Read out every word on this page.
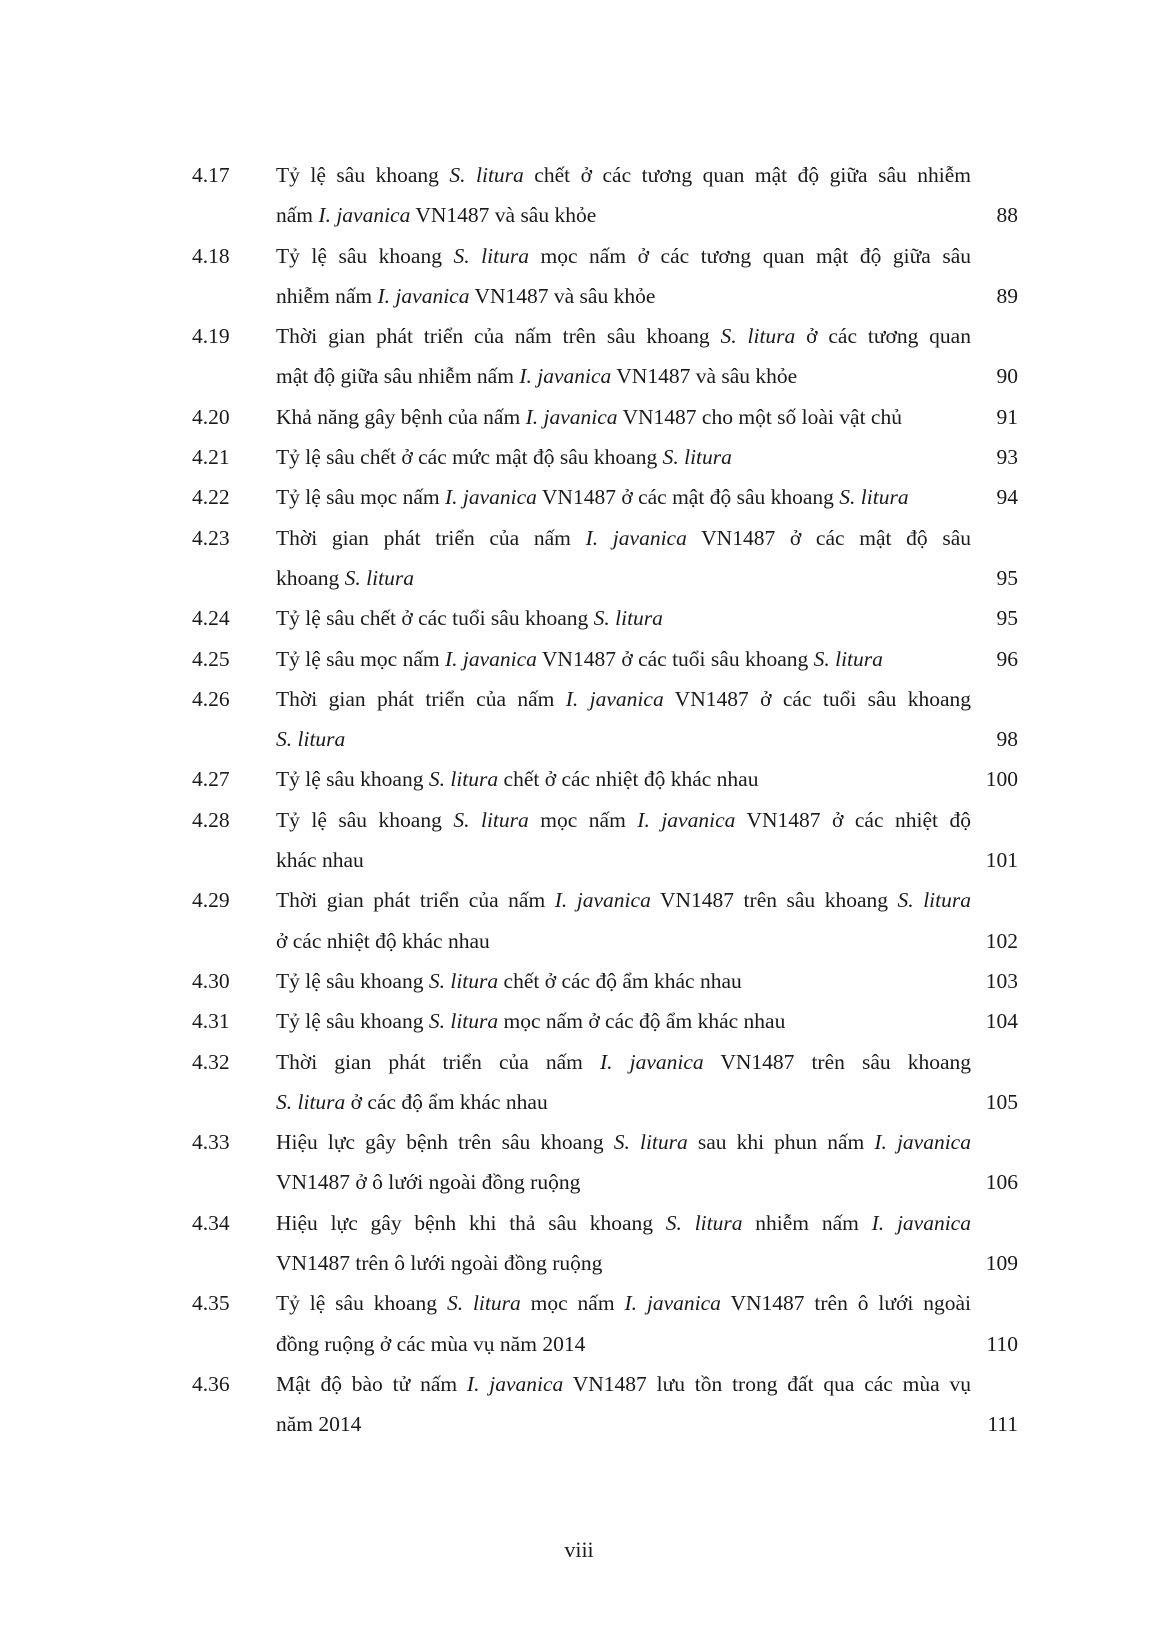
4.17 Tỷ lệ sâu khoang S. litura chết ở các tương quan mật độ giữa sâu nhiễm
nấm I. javanica VN1487 và sâu khỏe	88
4.18 Tỷ lệ sâu khoang S. litura mọc nấm ở các tương quan mật độ giữa sâu
nhiễm nấm I. javanica VN1487 và sâu khỏe	89
4.19 Thời gian phát triển của nấm trên sâu khoang S. litura ở các tương quan
mật độ giữa sâu nhiễm nấm I. javanica VN1487 và sâu khỏe	90
4.20 Khả năng gây bệnh của nấm I. javanica VN1487 cho một số loài vật chủ	91
4.21 Tỷ lệ sâu chết ở các mức mật độ sâu khoang S. litura	93
4.22 Tỷ lệ sâu mọc nấm I. javanica VN1487 ở các mật độ sâu khoang S. litura	94
4.23 Thời gian phát triển của nấm I. javanica VN1487 ở các mật độ sâu
khoang S. litura	95
4.24 Tỷ lệ sâu chết ở các tuổi sâu khoang S. litura	95
4.25 Tỷ lệ sâu mọc nấm I. javanica VN1487 ở các tuổi sâu khoang S. litura	96
4.26 Thời gian phát triển của nấm I. javanica VN1487 ở các tuổi sâu khoang
S. litura	98
4.27 Tỷ lệ sâu khoang S. litura chết ở các nhiệt độ khác nhau	100
4.28 Tỷ lệ sâu khoang S. litura mọc nấm I. javanica VN1487 ở các nhiệt độ
khác nhau	101
4.29 Thời gian phát triển của nấm I. javanica VN1487 trên sâu khoang S. litura
ở các nhiệt độ khác nhau	102
4.30 Tỷ lệ sâu khoang S. litura chết ở các độ ẩm khác nhau	103
4.31 Tỷ lệ sâu khoang S. litura mọc nấm ở các độ ẩm khác nhau	104
4.32 Thời gian phát triển của nấm I. javanica VN1487 trên sâu khoang
S. litura ở các độ ẩm khác nhau	105
4.33 Hiệu lực gây bệnh trên sâu khoang S. litura sau khi phun nấm I. javanica
VN1487 ở ô lưới ngoài đồng ruộng	106
4.34 Hiệu lực gây bệnh khi thả sâu khoang S. litura nhiễm nấm I. javanica
VN1487 trên ô lưới ngoài đồng ruộng	109
4.35 Tỷ lệ sâu khoang S. litura mọc nấm I. javanica VN1487 trên ô lưới ngoài
đồng ruộng ở các mùa vụ năm 2014	110
4.36 Mật độ bào tử nấm I. javanica VN1487 lưu tồn trong đất qua các mùa vụ
năm 2014	111
viii
